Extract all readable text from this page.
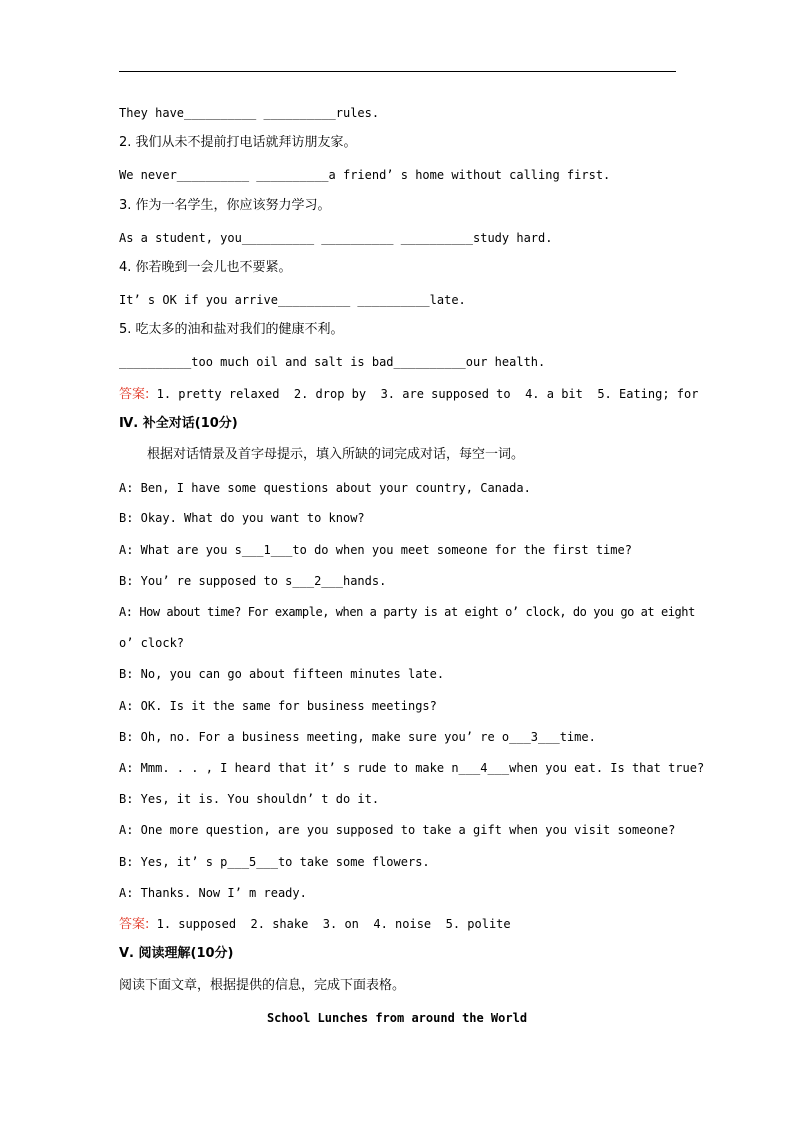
They have__________ __________rules.
2. 我们从未不提前打电话就拜访朋友家。
We never__________ __________a friend’ s home without calling first.
3. 作为一名学生，你应该努力学习。
As a student, you__________ __________ __________study hard.
4. 你若晚到一会儿也不要紧。
It’ s OK if you arrive__________ __________late.
5. 吃太多的油和盐对我们的健康不利。
__________too much oil and salt is bad__________our health.
答案: 1. pretty relaxed  2. drop by  3. are supposed to  4. a bit  5. Eating; for
Ⅳ. 补全对话(10分)
根据对话情景及首字母提示，填入所缺的词完成对话，每空一词。
A: Ben, I have some questions about your country, Canada.
B: Okay. What do you want to know?
A: What are you s___1___to do when you meet someone for the first time?
B: You’ re supposed to s___2___hands.
A: How about time? For example, when a party is at eight o’ clock, do you go at eight
o’ clock?
B: No, you can go about fifteen minutes late.
A: OK. Is it the same for business meetings?
B: Oh, no. For a business meeting, make sure you’ re o___3___time.
A: Mmm. . . , I heard that it’ s rude to make n___4___when you eat. Is that true?
B: Yes, it is. You shouldn’ t do it.
A: One more question, are you supposed to take a gift when you visit someone?
B: Yes, it’ s p___5___to take some flowers.
A: Thanks. Now I’ m ready.
答案: 1. supposed  2. shake  3. on  4. noise  5. polite
Ⅴ. 阅读理解(10分)
阅读下面文章，根据提供的信息，完成下面表格。
School Lunches from around the World
